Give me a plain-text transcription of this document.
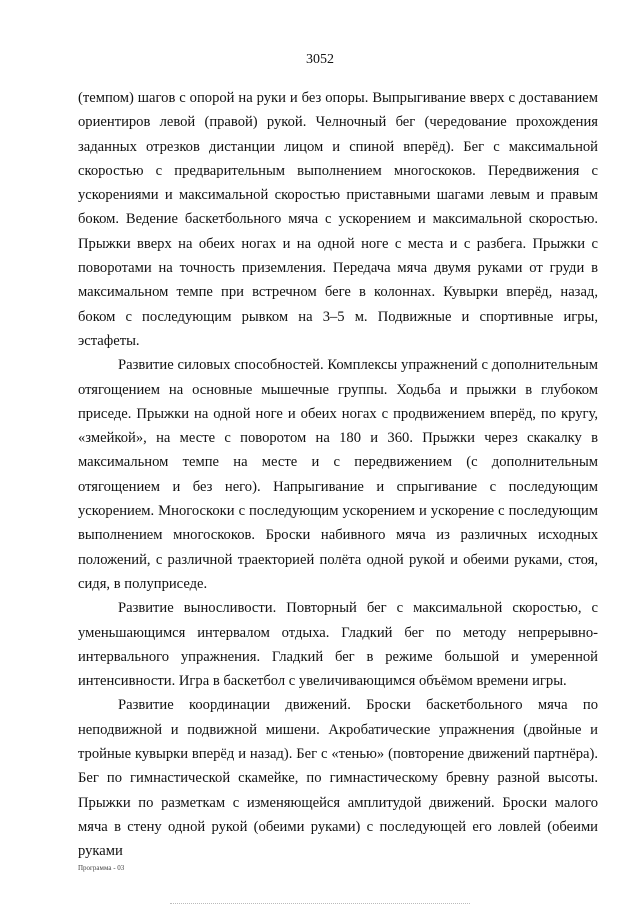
3052

(темпом) шагов с опорой на руки и без опоры. Выпрыгивание вверх с доставанием ориентиров левой (правой) рукой. Челночный бег (чередование прохождения заданных отрезков дистанции лицом и спиной вперёд). Бег с максимальной скоростью с предварительным выполнением многоскоков. Передвижения с ускорениями и максимальной скоростью приставными шагами левым и правым боком. Ведение баскетбольного мяча с ускорением и максимальной скоростью. Прыжки вверх на обеих ногах и на одной ноге с места и с разбега. Прыжки с поворотами на точность приземления. Передача мяча двумя руками от груди в максимальном темпе при встречном беге в колоннах. Кувырки вперёд, назад, боком с последующим рывком на 3–5 м. Подвижные и спортивные игры, эстафеты.

Развитие силовых способностей. Комплексы упражнений с дополнительным отягощением на основные мышечные группы. Ходьба и прыжки в глубоком приседе. Прыжки на одной ноге и обеих ногах с продвижением вперёд, по кругу, «змейкой», на месте с поворотом на 180 и 360. Прыжки через скакалку в максимальном темпе на месте и с передвижением (с дополнительным отягощением и без него). Напрыгивание и спрыгивание с последующим ускорением. Многоскоки с последующим ускорением и ускорение с последующим выполнением многоскоков. Броски набивного мяча из различных исходных положений, с различной траекторией полёта одной рукой и обеими руками, стоя, сидя, в полуприседе.

Развитие выносливости. Повторный бег с максимальной скоростью, с уменьшающимся интервалом отдыха. Гладкий бег по методу непрерывно-интервального упражнения. Гладкий бег в режиме большой и умеренной интенсивности. Игра в баскетбол с увеличивающимся объёмом времени игры.

Развитие координации движений. Броски баскетбольного мяча по неподвижной и подвижной мишени. Акробатические упражнения (двойные и тройные кувырки вперёд и назад). Бег с «тенью» (повторение движений партнёра). Бег по гимнастической скамейке, по гимнастическому бревну разной высоты. Прыжки по разметкам с изменяющейся амплитудой движений. Броски малого мяча в стену одной рукой (обеими руками) с последующей его ловлей (обеими руками

Программа - 03
